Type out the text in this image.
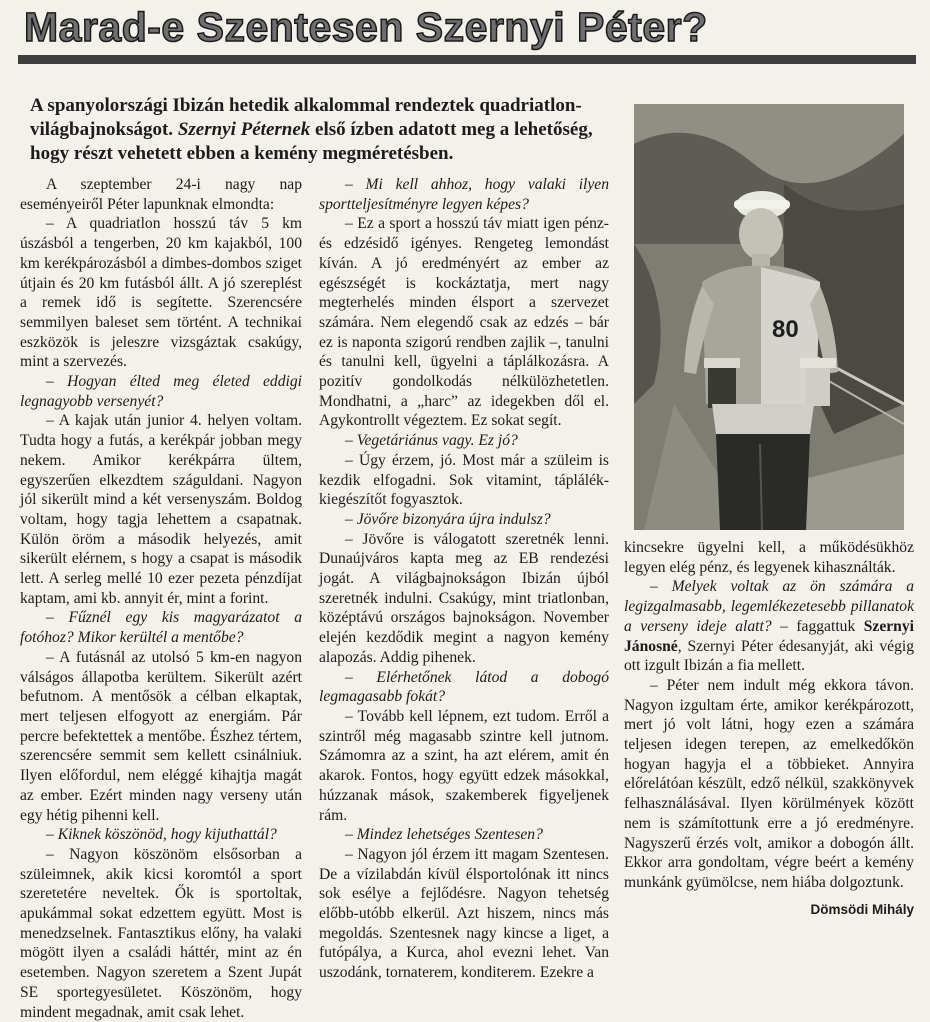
Marad-e Szentesen Szernyi Péter?
A spanyolországi Ibizán hetedik alkalommal rendeztek quadriatlon-világbajnokságot. Szernyi Péternek első ízben adatott meg a lehetőség, hogy részt vehetett ebben a kemény megméretésben.
80

A szeptember 24-i nagy nap eseményeiről Péter lapunknak elmondta:

– A quadriatlon hosszú táv 5 km úszásból a tengerben, 20 km kajakból, 100 km kerékpározásból a dimbes-dombos sziget útjain és 20 km futásból állt. A jó szereplést a remek idő is segítette. Szerencsére semmilyen baleset sem történt. A technikai eszközök is jeleszre vizsgáztak csakúgy, mint a szervezés.

– Hogyan élted meg életed eddigi legnagyobb versenyét?

– A kajak után junior 4. helyen voltam. Tudta hogy a futás, a kerékpár jobban megy nekem. Amikor kerékpárra ültem, egyszerűen elkezdtem száguldani. Nagyon jól sikerült mind a két versenyszám. Boldog voltam, hogy tagja lehettem a csapatnak. Külön öröm a második helyezés, amit sikerült elérnem, s hogy a csapat is második lett. A serleg mellé 10 ezer pezeta pénzdíjat kaptam, ami kb. annyit ér, mint a forint.

– Fűznél egy kis magyarázatot a fotóhoz? Mikor kerültél a mentőbe?

– A futásnál az utolsó 5 km-en nagyon válságos állapotba kerültem. Sikerült azért befutnom. A mentősök a célban elkaptak, mert teljesen elfogyott az energiám. Pár percre befektettek a mentőbe. Észhez tértem, szerencsére semmit sem kellett csinálniuk. Ilyen előfordul, nem eléggé kihajtja magát az ember. Ezért minden nagy verseny után egy hétig pihenni kell.

– Kiknek köszönöd, hogy kijuthattál?

– Nagyon köszönöm elsősorban a szüleimnek, akik kicsi koromtól a sport szeretetére neveltek. Ők is sportoltak, apukámmal sokat edzettem együtt. Most is menedzselnek. Fantasztikus előny, ha valaki mögött ilyen a családi háttér, mint az én esetemben. Nagyon szeretem a Szent Jupát SE sportegyesületet. Köszönöm, hogy mindent megadnak, amit csak lehet.

– Mi kell ahhoz, hogy valaki ilyen sportteljesítményre legyen képes?

– Ez a sport a hosszú táv miatt igen pénz- és edzésidő igényes. Rengeteg lemondást kíván. A jó eredményért az ember az egészségét is kockáztatja, mert nagy megterhelés minden élsport a szervezet számára. Nem elegendő csak az edzés – bár ez is naponta szigorú rendben zajlik –, tanulni és tanulni kell, ügyelni a táplálkozásra. A pozitív gondolkodás nélkülözhetetlen. Mondhatni, a „harc” az idegekben dől el. Agykontrollt végeztem. Ez sokat segít.

– Vegetáriánus vagy. Ez jó?

– Úgy érzem, jó. Most már a szüleim is kezdik elfogadni. Sok vitamint, táplálék-kiegészítőt fogyasztok.

– Jövőre bizonyára újra indulsz?

– Jövőre is válogatott szeretnék lenni. Dunaújváros kapta meg az EB rendezési jogát. A világbajnokságon Ibizán újból szeretnék indulni. Csakúgy, mint triatlonban, középtávú országos bajnokságon. November elején kezdődik megint a nagyon kemény alapozás. Addig pihenek.

– Elérhetőnek látod a dobogó legmagasabb fokát?

– Tovább kell lépnem, ezt tudom. Erről a szintről még magasabb szintre kell jutnom. Számomra az a szint, ha azt elérem, amit én akarok. Fontos, hogy együtt edzek másokkal, húzzanak mások, szakemberek figyeljenek rám.

– Mindez lehetséges Szentesen?

– Nagyon jól érzem itt magam Szentesen. De a vízilabdán kívül élsportolónak itt nincs sok esélye a fejlődésre. Nagyon tehetség előbb-utóbb elkerül. Azt hiszem, nincs más megoldás. Szentesnek nagy kincse a liget, a futópálya, a Kurca, ahol evezni lehet. Van uszodánk, tornaterem, konditerem. Ezekre a

kincsekre ügyelni kell, a működésükhöz legyen elég pénz, és legyenek kihasználták.

– Melyek voltak az ön számára a legizgalmasabb, legemlékezetesebb pillanatok a verseny ideje alatt? – faggattuk Szernyi Jánosné, Szernyi Péter édesanyját, aki végig ott izgult Ibizán a fia mellett.

– Péter nem indult még ekkora távon. Nagyon izgultam érte, amikor kerékpározott, mert jó volt látni, hogy ezen a számára teljesen idegen terepen, az emelkedőkön hogyan hagyja el a többieket. Annyira előrelátóan készült, edző nélkül, szakkönyvek felhasználásával. Ilyen körülmények között nem is számítottunk erre a jó eredményre. Nagyszerű érzés volt, amikor a dobogón állt. Ekkor arra gondoltam, végre beért a kemény munkánk gyümölcse, nem hiába dolgoztunk.

Dömsödi Mihály
